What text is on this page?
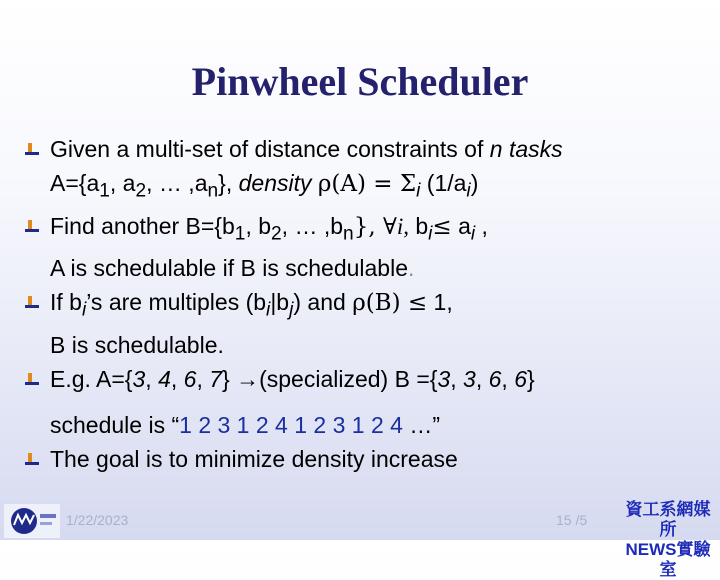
Pinwheel Scheduler
Given a multi-set of distance constraints of n tasks
$A=\{a_1$, $a_2$, … $,a_n$}, density $\rho(A) = \Sigma_i$ $(1/a_i)$
Find another $B=\{b_1$, $b_2$, … $,b_n$}, ∀i, $b_i\le a_i$ ,
A is schedulable if B is schedulable.
If $b_i’s$ are multiples $(b_i|b_j)$ and ρ(B) ≤ 1,
B is schedulable.
E.g. A={3, 4, 6, 7} →(specialized) B ={3, 3, 6, 6}
schedule is “1 2 3 1 2 4 1 2 3 1 2 4 …”
The goal is to minimize density increase
1/22/2023	15 /5
資工系網媒所
NEWS實驗室
